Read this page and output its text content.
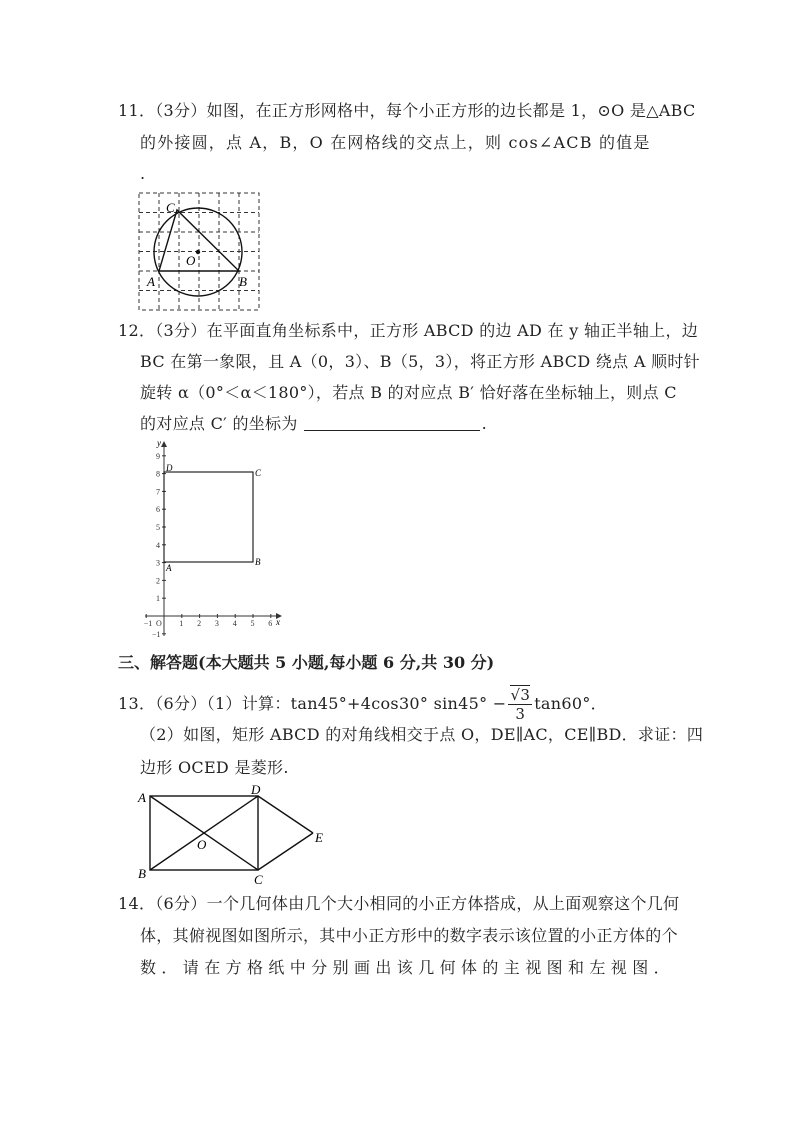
11．（3分）如图，在正方形网格中，每个小正方形的边长都是 1，⊙O 是△ABC
的外接圆，点 A，B，O 在网格线的交点上，则 cos∠ACB 的值是
.
C
O
A	B
12．（3分）在平面直角坐标系中，正方形 ABCD 的边 AD 在 y 轴正半轴上，边
BC 在第一象限，且 A（0，3）、B（5，3），将正方形 ABCD 绕点 A 顺时针
旋转 α（0°＜α＜180°），若点 B 的对应点 B′ 恰好落在坐标轴上，则点 C
的对应点 C′ 的坐标为	.
−1 O 1 2 3 4 5 6
9
8
7
6
5
4
3
2
1
−1
x
y
D	C
A
B
三、解答题(本大题共 5 小题,每小题 6 分,共 30 分)
13．（6分）（1）计算：tan45°+4cos30° $\sin 45^\circ - \frac{√3}{3} \tan 60^\circ$．
（2）如图，矩形 ABCD 的对角线相交于点 O，DE∥AC，CE∥BD．求证：四
边形 OCED 是菱形.
A
B	C
D
E
O
14．（6分）一个几何体由几个大小相同的小正方体搭成，从上面观察这个几何
体，其俯视图如图所示，其中小正方形中的数字表示该位置的小正方体的个
数．请在方格纸中分别画出该几何体的主视图和左视图．
